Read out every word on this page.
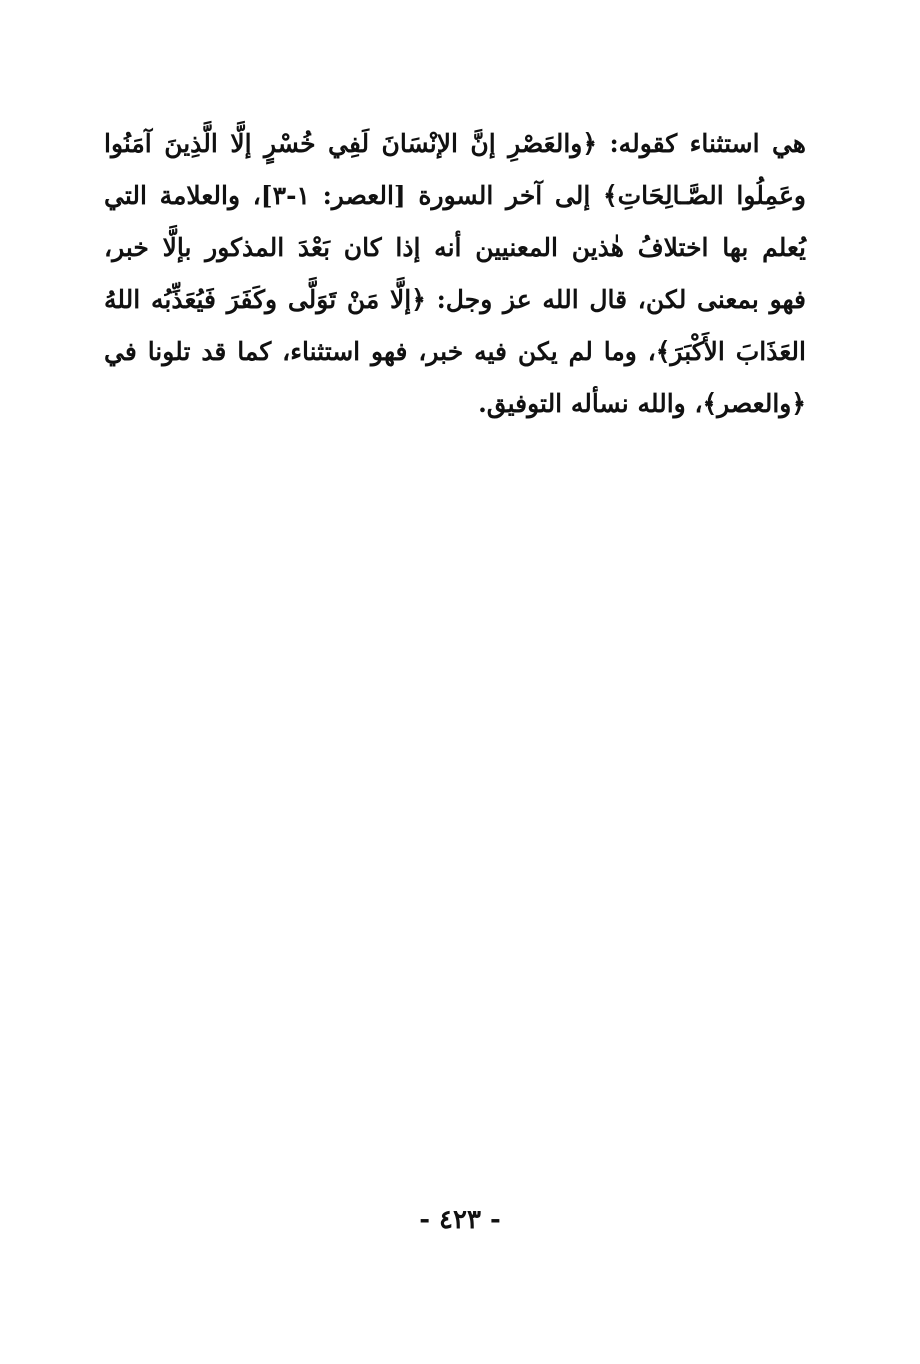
هي استثناء كقوله: ﴿والعَصْرِ إنَّ الإنْسَانَ لَفِي خُسْرٍ إلَّا الَّذِينَ آمَنُوا
وعَمِلُوا الصَّـالِحَاتِ﴾ إلى آخر السورة [العصر: ١-٣]، والعلامة التي
يُعلم بها اختلافُ هٰذين المعنيين أنه إذا كان بَعْدَ المذكور بإلَّا خبر،
فهو بمعنى لكن، قال الله عز وجل: ﴿إلَّا مَنْ تَوَلَّى وكَفَرَ فَيُعَذِّبُه اللهُ
العَذَابَ الأَكْبَرَ﴾، وما لم يكن فيه خبر، فهو استثناء، كما قد تلونا في
﴿والعصر﴾، والله نسأله التوفيق.
- ٤٢٣ -
